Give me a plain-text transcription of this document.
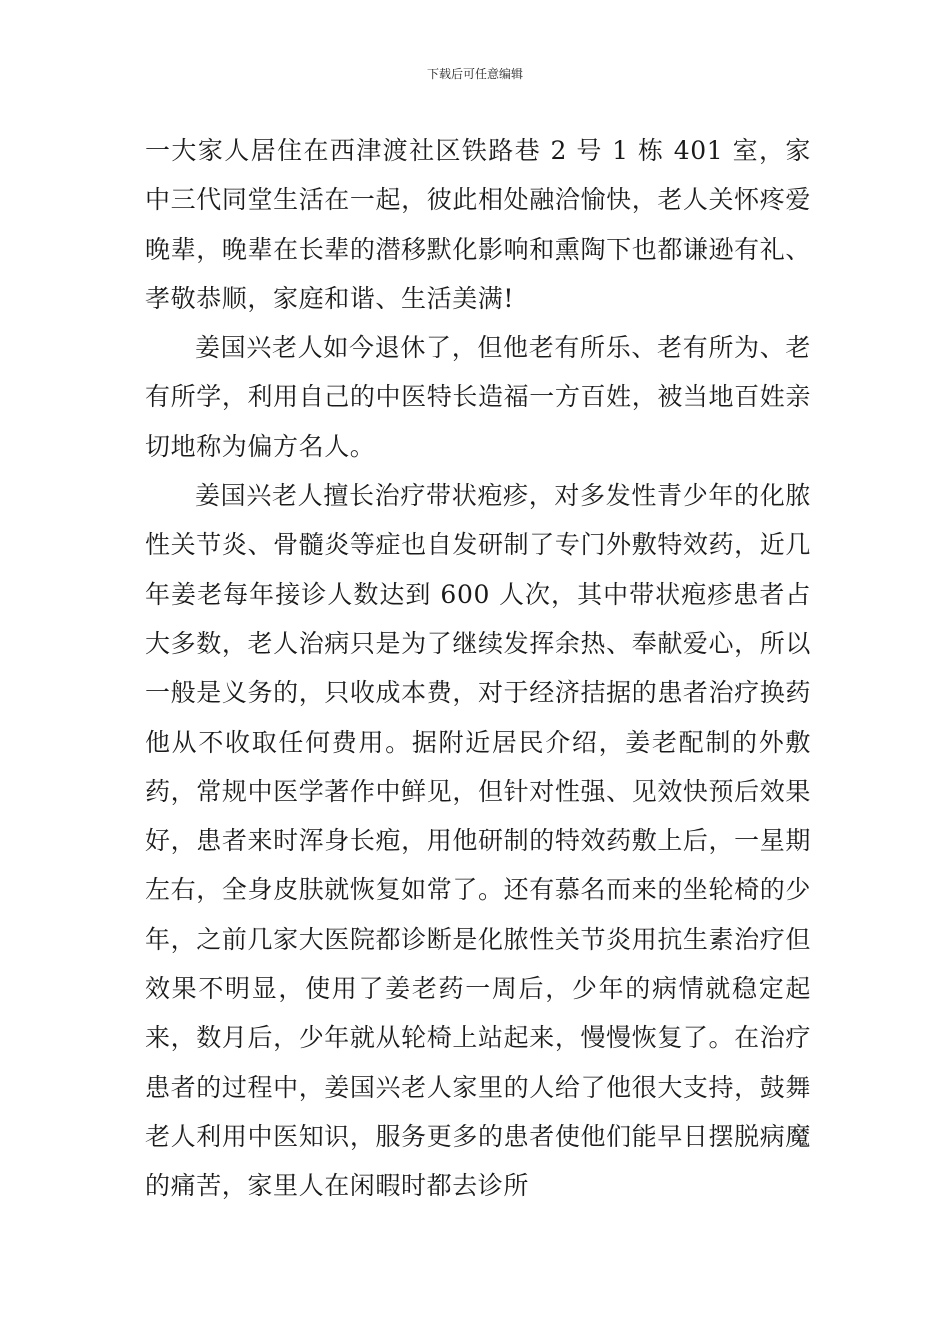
下载后可任意编辑

一大家人居住在西津渡社区铁路巷 2 号 1 栋 401 室，家中三代同堂生活在一起，彼此相处融洽愉快，老人关怀疼爱晚辈，晚辈在长辈的潜移默化影响和熏陶下也都谦逊有礼、孝敬恭顺，家庭和谐、生活美满!

姜国兴老人如今退休了，但他老有所乐、老有所为、老有所学，利用自己的中医特长造福一方百姓，被当地百姓亲切地称为偏方名人。

姜国兴老人擅长治疗带状疱疹，对多发性青少年的化脓性关节炎、骨髓炎等症也自发研制了专门外敷特效药，近几年姜老每年接诊人数达到 600 人次，其中带状疱疹患者占大多数，老人治病只是为了继续发挥余热、奉献爱心，所以一般是义务的，只收成本费，对于经济拮据的患者治疗换药他从不收取任何费用。据附近居民介绍，姜老配制的外敷药，常规中医学著作中鲜见，但针对性强、见效快预后效果好，患者来时浑身长疱，用他研制的特效药敷上后，一星期左右，全身皮肤就恢复如常了。还有慕名而来的坐轮椅的少年，之前几家大医院都诊断是化脓性关节炎用抗生素治疗但效果不明显，使用了姜老药一周后，少年的病情就稳定起来，数月后，少年就从轮椅上站起来，慢慢恢复了。在治疗患者的过程中，姜国兴老人家里的人给了他很大支持，鼓舞老人利用中医知识，服务更多的患者使他们能早日摆脱病魔的痛苦，家里人在闲暇时都去诊所
